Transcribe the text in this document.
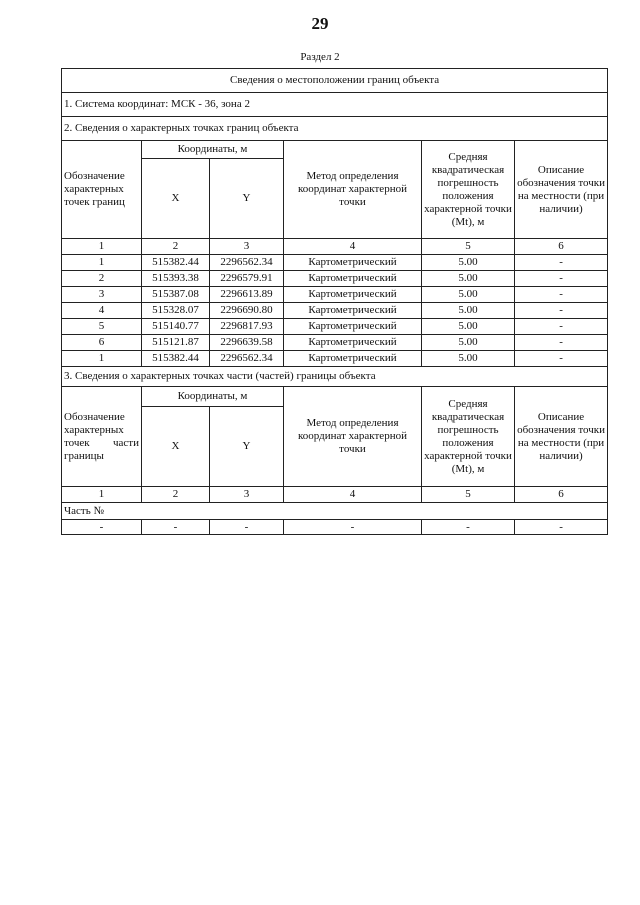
29
Раздел 2
Сведения о местоположении границ объекта					
1. Система координат: МСК - 36, зона 2					
2. Сведения о характерных точках границ объекта					
Обозначение характерных точек границ	Координаты, м		Метод определения координат характерной точки	Средняя квадратическая погрешность положения характерной точки (Mt), м	Описание обозначения точки на местности (при наличии)
	X	Y			
1	2	3	4	5	6
1	515382.44	2296562.34	Картометрический	5.00	-
2	515393.38	2296579.91	Картометрический	5.00	-
3	515387.08	2296613.89	Картометрический	5.00	-
4	515328.07	2296690.80	Картометрический	5.00	-
5	515140.77	2296817.93	Картометрический	5.00	-
6	515121.87	2296639.58	Картометрический	5.00	-
1	515382.44	2296562.34	Картометрический	5.00	-
3. Сведения о характерных точках части (частей) границы объекта					

Обозначение
характерных
точек части
границы	Координаты, м		Метод определения координат характерной точки	Средняя квадратическая погрешность положения характерной точки (Mt), м	Описание обозначения точки на местности (при наличии)
	X	Y			
1	2	3	4	5	6
Часть №					
-	-	-	-	-	-
